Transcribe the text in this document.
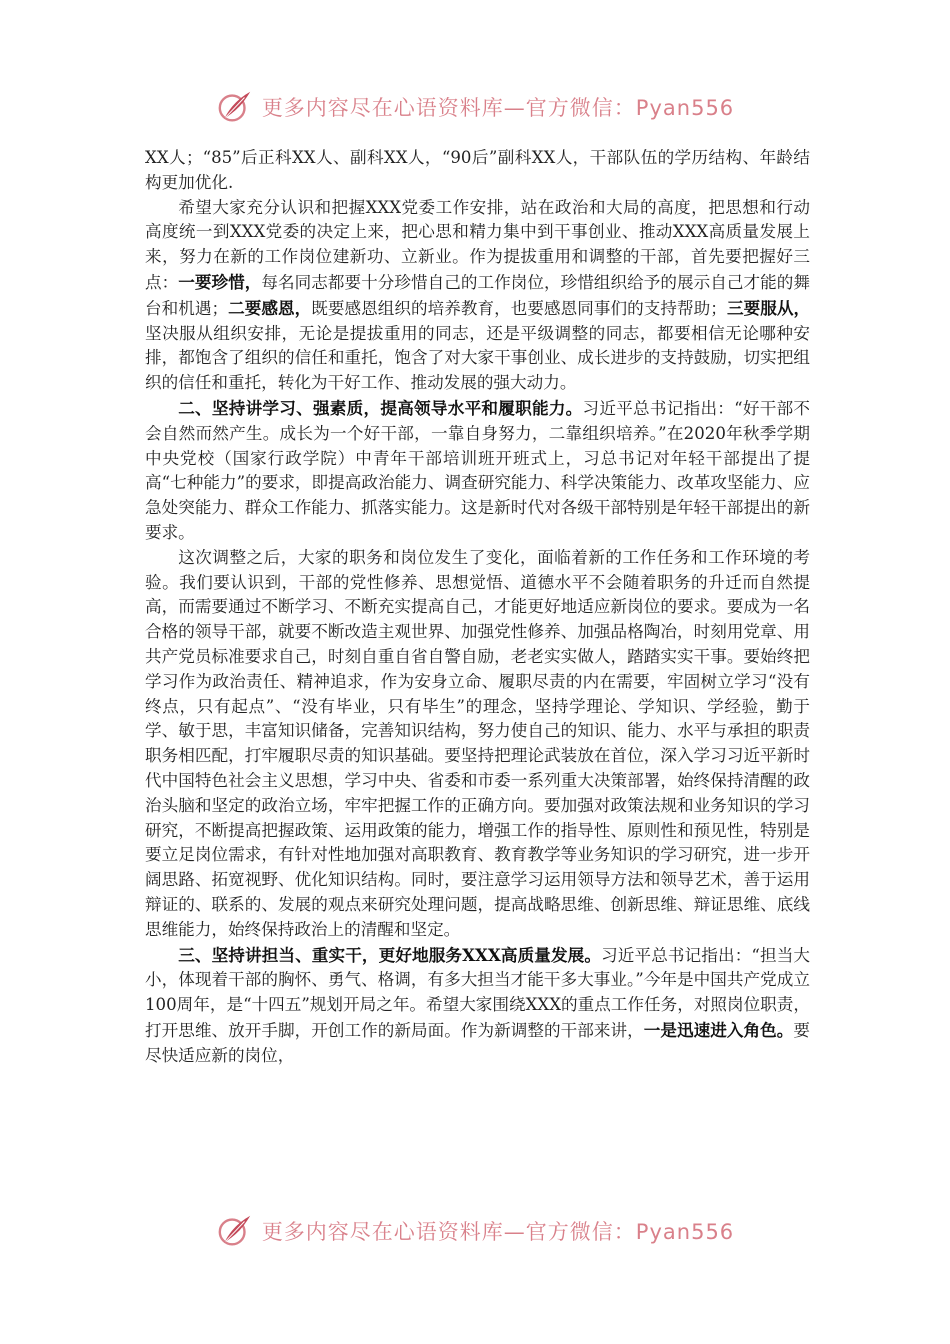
更多内容尽在心语资料库—官方微信：Pyan556

XX人；“85”后正科XX人、副科XX人，“90后”副科XX人，干部队伍的学历结构、年龄结构更加优化.

希望大家充分认识和把握XXX党委工作安排，站在政治和大局的高度，把思想和行动高度统一到XXX党委的决定上来，把心思和精力集中到干事创业、推动XXX高质量发展上来，努力在新的工作岗位建新功、立新业。作为提拔重用和调整的干部，首先要把握好三点：一要珍惜，每名同志都要十分珍惜自己的工作岗位，珍惜组织给予的展示自己才能的舞台和机遇；二要感恩，既要感恩组织的培养教育，也要感恩同事们的支持帮助；三要服从，坚决服从组织安排，无论是提拔重用的同志，还是平级调整的同志，都要相信无论哪种安排，都饱含了组织的信任和重托，饱含了对大家干事创业、成长进步的支持鼓励，切实把组织的信任和重托，转化为干好工作、推动发展的强大动力。

二、坚持讲学习、强素质，提高领导水平和履职能力。习近平总书记指出：“好干部不会自然而然产生。成长为一个好干部，一靠自身努力，二靠组织培养。”在2020年秋季学期中央党校（国家行政学院）中青年干部培训班开班式上，习总书记对年轻干部提出了提高“七种能力”的要求，即提高政治能力、调查研究能力、科学决策能力、改革攻坚能力、应急处突能力、群众工作能力、抓落实能力。这是新时代对各级干部特别是年轻干部提出的新要求。

这次调整之后，大家的职务和岗位发生了变化，面临着新的工作任务和工作环境的考验。我们要认识到，干部的党性修养、思想觉悟、道德水平不会随着职务的升迁而自然提高，而需要通过不断学习、不断充实提高自己，才能更好地适应新岗位的要求。要成为一名合格的领导干部，就要不断改造主观世界、加强党性修养、加强品格陶冶，时刻用党章、用共产党员标准要求自己，时刻自重自省自警自励，老老实实做人，踏踏实实干事。要始终把学习作为政治责任、精神追求，作为安身立命、履职尽责的内在需要，牢固树立学习“没有终点，只有起点”、“没有毕业，只有毕生”的理念，坚持学理论、学知识、学经验，勤于学、敏于思，丰富知识储备，完善知识结构，努力使自己的知识、能力、水平与承担的职责职务相匹配，打牢履职尽责的知识基础。要坚持把理论武装放在首位，深入学习习近平新时代中国特色社会主义思想，学习中央、省委和市委一系列重大决策部署，始终保持清醒的政治头脑和坚定的政治立场，牢牢把握工作的正确方向。要加强对政策法规和业务知识的学习研究，不断提高把握政策、运用政策的能力，增强工作的指导性、原则性和预见性，特别是要立足岗位需求，有针对性地加强对高职教育、教育教学等业务知识的学习研究，进一步开阔思路、拓宽视野、优化知识结构。同时，要注意学习运用领导方法和领导艺术，善于运用辩证的、联系的、发展的观点来研究处理问题，提高战略思维、创新思维、辩证思维、底线思维能力，始终保持政治上的清醒和坚定。

三、坚持讲担当、重实干，更好地服务XXX高质量发展。习近平总书记指出：“担当大小，体现着干部的胸怀、勇气、格调，有多大担当才能干多大事业。”今年是中国共产党成立100周年，是“十四五”规划开局之年。希望大家围绕XXX的重点工作任务，对照岗位职责，打开思维、放开手脚，开创工作的新局面。作为新调整的干部来讲，一是迅速进入角色。要尽快适应新的岗位，

更多内容尽在心语资料库—官方微信：Pyan556
